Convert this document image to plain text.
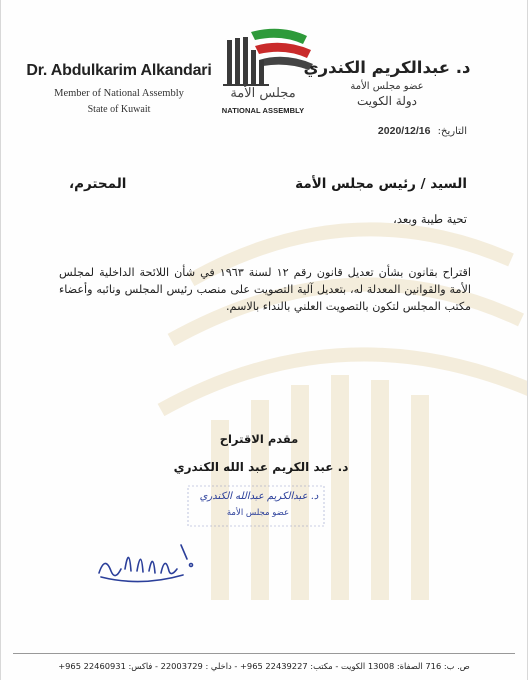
Dr. Abdulkarim Alkandari
Member of National Assembly
State of Kuwait
مجلس الأمة
NATIONAL ASSEMBLY
د. عبدالكريم الكندري
عضو مجلس الأمة
دولة الكويت
التاريخ: 2020/12/16
السيد / رئيس مجلس الأمة
المحترم،
تحية طيبة وبعد،
اقتراح بقانون بشأن تعديل قانون رقم ١٢ لسنة ١٩٦٣ في شأن اللائحة الداخلية لمجلس الأمة والقوانين المعدلة له، بتعديل آلية التصويت على منصب رئيس المجلس ونائبه وأعضاء مكتب المجلس لتكون بالتصويت العلني بالنداء بالاسم.
مقدم الاقتراح
د. عبد الكريم عبد الله الكندري
د. عبدالكريم عبدالله الكندري
عضو مجلس الأمة
ص. ب: 716 الصفاة: 13008 الكويت - مكتب: 22439227 965+ - داخلي : 22003729 - فاكس: 22460931 965+
